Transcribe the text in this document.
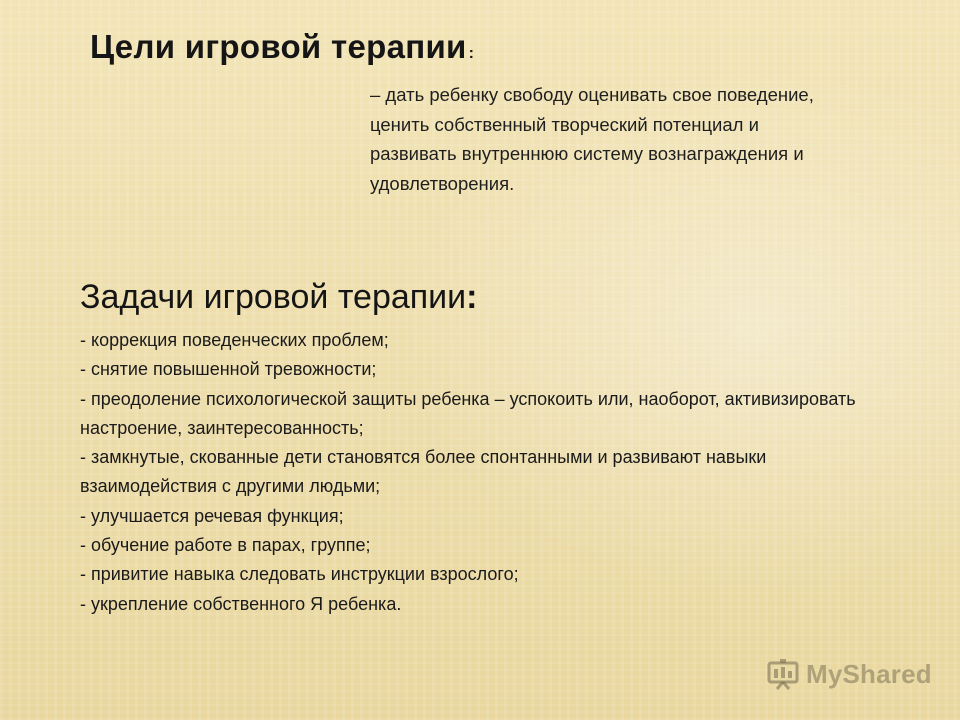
Цели игровой терапии :
– дать ребенку свободу оценивать свое поведение, ценить собственный творческий потенциал и развивать внутреннюю систему вознаграждения и удовлетворения.
Задачи игровой терапии:
- коррекция поведенческих проблем;
- снятие повышенной тревожности;
- преодоление психологической защиты ребенка – успокоить или, наоборот, активизировать настроение, заинтересованность;
- замкнутые, скованные дети становятся более спонтанными и развивают навыки взаимодействия с другими людьми;
- улучшается речевая функция;
- обучение работе в парах, группе;
- привитие навыка следовать инструкции взрослого;
- укрепление собственного Я ребенка.
MyShared
